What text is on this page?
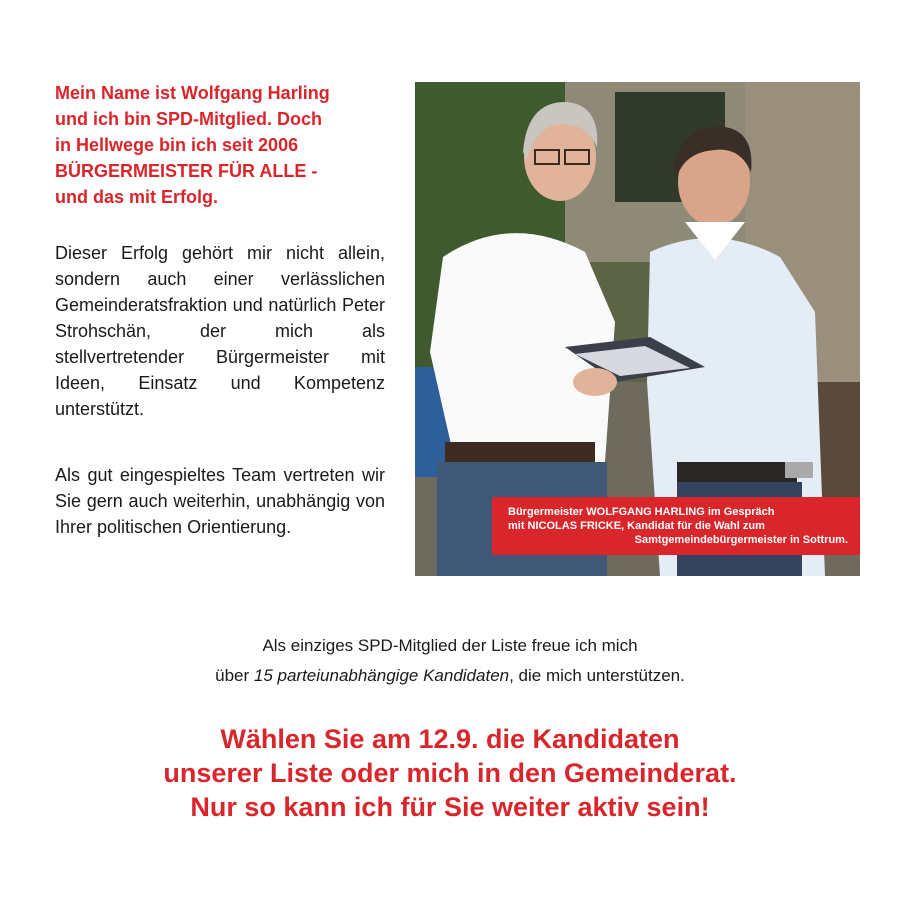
Mein Name ist Wolfgang Harling
und ich bin SPD-Mitglied. Doch
in Hellwege bin ich seit 2006
BÜRGERMEISTER FÜR ALLE -
und das mit Erfolg.

Dieser Erfolg gehört mir nicht allein, sondern auch einer verlässlichen Gemeinderatsfraktion und natürlich Peter Strohschän, der mich als stellvertretender Bürgermeister mit Ideen, Einsatz und Kompetenz unterstützt.

Als gut eingespieltes Team vertreten wir Sie gern auch weiterhin, unabhängig von Ihrer politischen Orientierung.

Bürgermeister WOLFGANG HARLING im Gespräch
mit NICOLAS FRICKE, Kandidat für die Wahl zum
Samtgemeindebürgermeister in Sottrum.
Als einziges SPD-Mitglied der Liste freue ich mich
über 15 parteiunabhängige Kandidaten, die mich unterstützen.
Wählen Sie am 12.9. die Kandidaten
unserer Liste oder mich in den Gemeinderat.
Nur so kann ich für Sie weiter aktiv sein!
